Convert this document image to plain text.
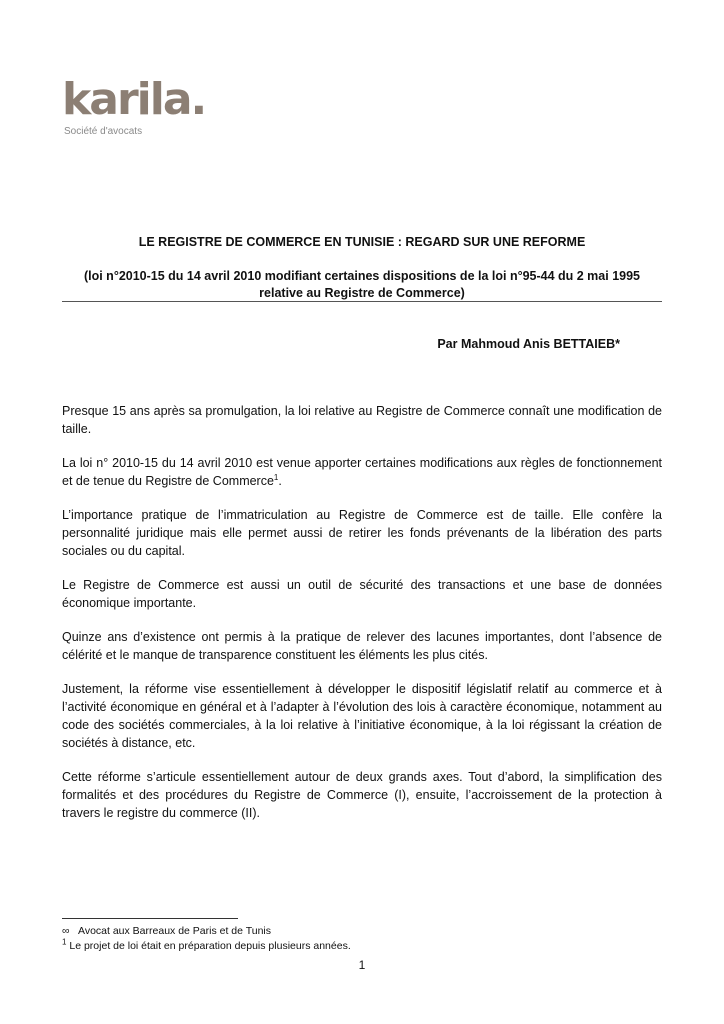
karila.
Société d'avocats
LE REGISTRE DE COMMERCE EN TUNISIE : REGARD SUR UNE REFORME
(loi n°2010-15 du 14 avril 2010 modifiant certaines dispositions de la loi n°95-44 du 2 mai 1995
relative au Registre de Commerce)
Par Mahmoud Anis BETTAIEB*

Presque 15 ans après sa promulgation, la loi relative au Registre de Commerce connaît une modification de taille.

La loi n° 2010-15 du 14 avril 2010 est venue apporter certaines modifications aux règles de fonctionnement et de tenue du Registre de Commerce$^1$.

L’importance pratique de l’immatriculation au Registre de Commerce est de taille. Elle confère la personnalité juridique mais elle permet aussi de retirer les fonds prévenants de la libération des parts sociales ou du capital.

Le Registre de Commerce est aussi un outil de sécurité des transactions et une base de données économique importante.

Quinze ans d’existence ont permis à la pratique de relever des lacunes importantes, dont l’absence de célérité et le manque de transparence constituent les éléments les plus cités.

Justement, la réforme vise essentiellement à développer le dispositif législatif relatif au commerce et à l’activité économique en général et à l’adapter à l’évolution des lois à caractère économique, notamment au code des sociétés commerciales, à la loi relative à l’initiative économique, à la loi régissant la création de sociétés à distance, etc.

Cette réforme s’articule essentiellement autour de deux grands axes. Tout d’abord, la simplification des formalités et des procédures du Registre de Commerce (I), ensuite, l’accroissement de la protection à travers le registre du commerce (II).

∞ Avocat aux Barreaux de Paris et de Tunis
$^1$ Le projet de loi était en préparation depuis plusieurs années.
1
